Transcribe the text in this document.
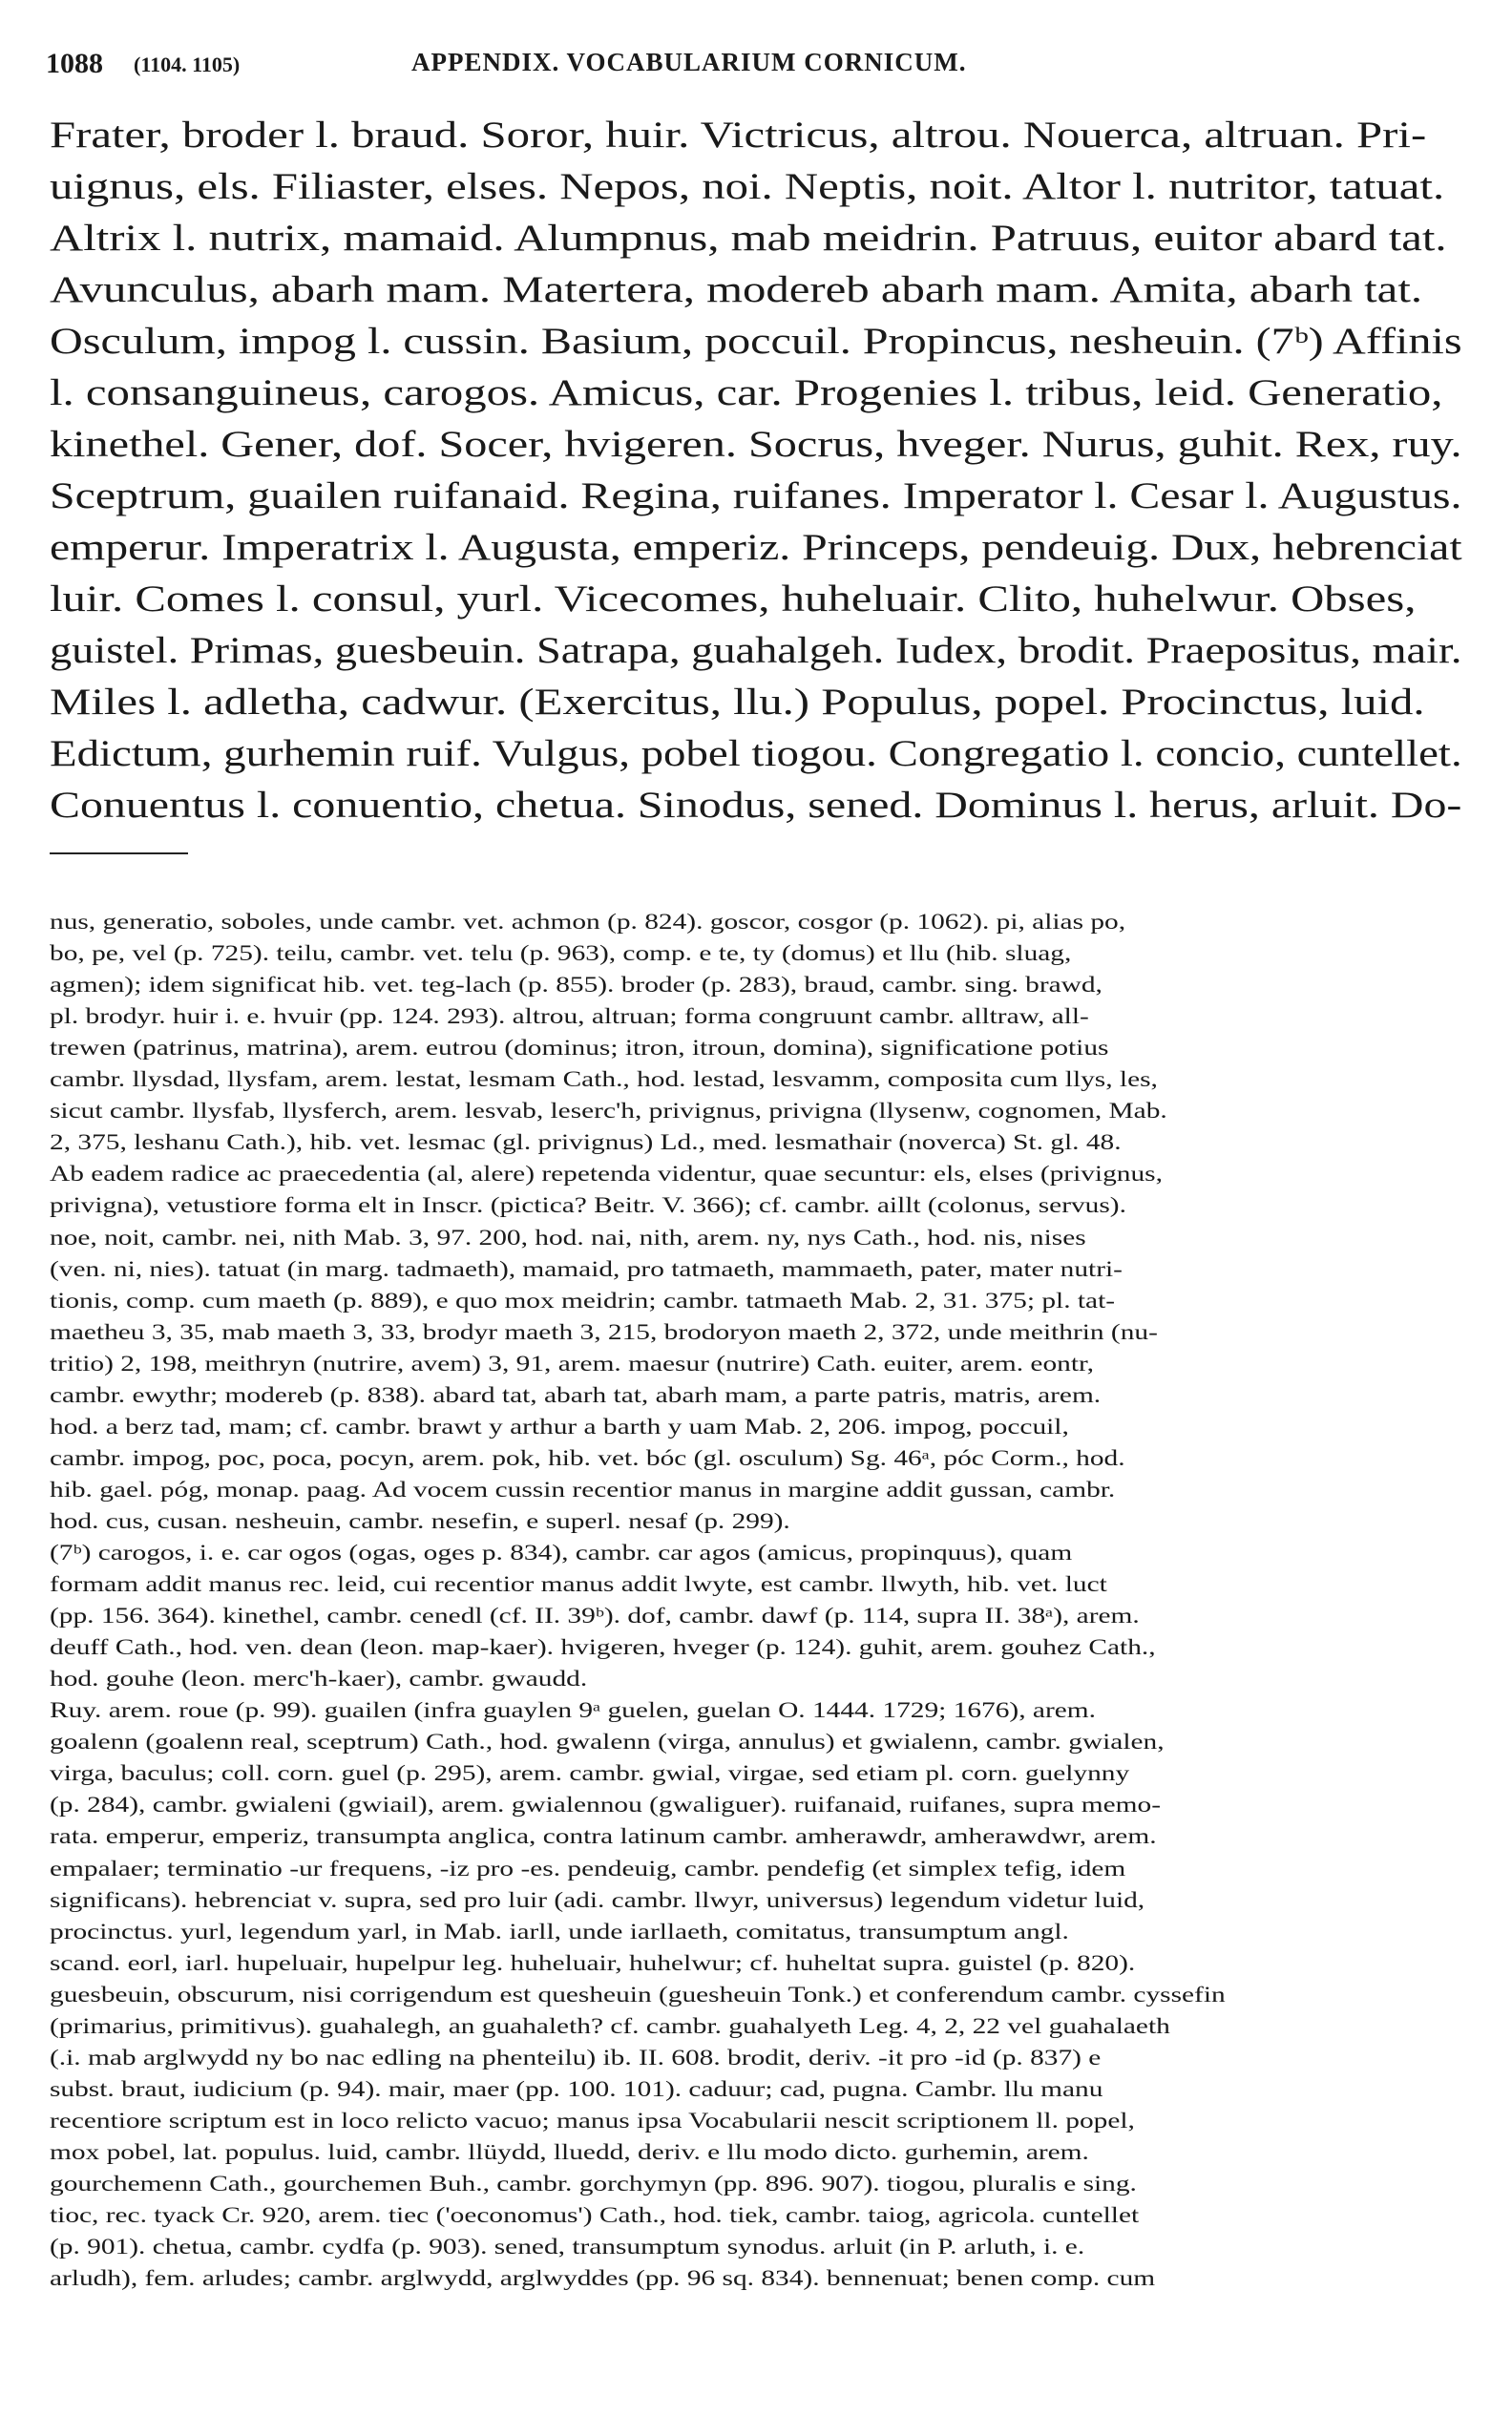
1088 (1104. 1105)	APPENDIX. VOCABULARIUM CORNICUM.
Frater, broder l. braud. Soror, huir. Victricus, altrou. Nouerca, altruan. Pri-
uignus, els. Filiaster, elses. Nepos, noi. Neptis, noit. Altor l. nutritor, tatuat.
Altrix l. nutrix, mamaid. Alumpnus, mab meidrin. Patruus, euitor abard tat.
Avunculus, abarh mam. Matertera, modereb abarh mam. Amita, abarh tat.
Osculum, impog l. cussin. Basium, poccuil. Propincus, nesheuin. (7ᵇ) Affinis
l. consanguineus, carogos. Amicus, car. Progenies l. tribus, leid. Generatio,
kinethel. Gener, dof. Socer, hvigeren. Socrus, hveger. Nurus, guhit. Rex, ruy.
Sceptrum, guailen ruifanaid. Regina, ruifanes. Imperator l. Cesar l. Augustus.
emperur. Imperatrix l. Augusta, emperiz. Princeps, pendeuig. Dux, hebrenciat
luir. Comes l. consul, yurl. Vicecomes, huheluair. Clito, huhelwur. Obses,
guistel. Primas, guesbeuin. Satrapa, guahalgeh. Iudex, brodit. Praepositus, mair.
Miles l. adletha, cadwur. (Exercitus, llu.) Populus, popel. Procinctus, luid.
Edictum, gurhemin ruif. Vulgus, pobel tiogou. Congregatio l. concio, cuntellet.
Conuentus l. conuentio, chetua. Sinodus, sened. Dominus l. herus, arluit. Do-
nus, generatio, soboles, unde cambr. vet. achmon (p. 824). goscor, cosgor (p. 1062). pi, alias po,
bo, pe, vel (p. 725). teilu, cambr. vet. telu (p. 963), comp. e te, ty (domus) et llu (hib. sluag,
agmen); idem significat hib. vet. teg-lach (p. 855). broder (p. 283), braud, cambr. sing. brawd,
pl. brodyr. huir i. e. hvuir (pp. 124. 293). altrou, altruan; forma congruunt cambr. alltraw, all-
trewen (patrinus, matrina), arem. eutrou (dominus; itron, itroun, domina), significatione potius
cambr. llysdad, llysfam, arem. lestat, lesmam Cath., hod. lestad, lesvamm, composita cum llys, les,
sicut cambr. llysfab, llysferch, arem. lesvab, leserc'h, privignus, privigna (llysenw, cognomen, Mab.
2, 375, leshanu Cath.), hib. vet. lesmac (gl. privignus) Ld., med. lesmathair (noverca) St. gl. 48.
Ab eadem radice ac praecedentia (al, alere) repetenda videntur, quae secuntur: els, elses (privignus,
privigna), vetustiore forma elt in Inscr. (pictica? Beitr. V. 366); cf. cambr. aillt (colonus, servus).
noe, noit, cambr. nei, nith Mab. 3, 97. 200, hod. nai, nith, arem. ny, nys Cath., hod. nis, nises
(ven. ni, nies). tatuat (in marg. tadmaeth), mamaid, pro tatmaeth, mammaeth, pater, mater nutri-
tionis, comp. cum maeth (p. 889), e quo mox meidrin; cambr. tatmaeth Mab. 2, 31. 375; pl. tat-
maetheu 3, 35, mab maeth 3, 33, brodyr maeth 3, 215, brodoryon maeth 2, 372, unde meithrin (nu-
tritio) 2, 198, meithryn (nutrire, avem) 3, 91, arem. maesur (nutrire) Cath. euiter, arem. eontr,
cambr. ewythr; modereb (p. 838). abard tat, abarh tat, abarh mam, a parte patris, matris, arem.
hod. a berz tad, mam; cf. cambr. brawt y arthur a barth y uam Mab. 2, 206. impog, poccuil,
cambr. impog, poc, poca, pocyn, arem. pok, hib. vet. bóc (gl. osculum) Sg. 46ᵃ, póc Corm., hod.
hib. gael. póg, monap. paag. Ad vocem cussin recentior manus in margine addit gussan, cambr.
hod. cus, cusan. nesheuin, cambr. nesefin, e superl. nesaf (p. 299).
(7ᵇ) carogos, i. e. car ogos (ogas, oges p. 834), cambr. car agos (amicus, propinquus), quam
formam addit manus rec. leid, cui recentior manus addit lwyte, est cambr. llwyth, hib. vet. luct
(pp. 156. 364). kinethel, cambr. cenedl (cf. II. 39ᵇ). dof, cambr. dawf (p. 114, supra II. 38ᵃ), arem.
deuff Cath., hod. ven. dean (leon. map-kaer). hvigeren, hveger (p. 124). guhit, arem. gouhez Cath.,
hod. gouhe (leon. merc'h-kaer), cambr. gwaudd.
Ruy. arem. roue (p. 99). guailen (infra guaylen 9ᵃ guelen, guelan O. 1444. 1729; 1676), arem.
goalenn (goalenn real, sceptrum) Cath., hod. gwalenn (virga, annulus) et gwialenn, cambr. gwialen,
virga, baculus; coll. corn. guel (p. 295), arem. cambr. gwial, virgae, sed etiam pl. corn. guelynny
(p. 284), cambr. gwialeni (gwiail), arem. gwialennou (gwaliguer). ruifanaid, ruifanes, supra memo-
rata. emperur, emperiz, transumpta anglica, contra latinum cambr. amherawdr, amherawdwr, arem.
empalaer; terminatio -ur frequens, -iz pro -es. pendeuig, cambr. pendefig (et simplex tefig, idem
significans). hebrenciat v. supra, sed pro luir (adi. cambr. llwyr, universus) legendum videtur luid,
procinctus. yurl, legendum yarl, in Mab. iarll, unde iarllaeth, comitatus, transumptum angl.
scand. eorl, iarl. hupeluair, hupelpur leg. huheluair, huhelwur; cf. huheltat supra. guistel (p. 820).
guesbeuin, obscurum, nisi corrigendum est quesheuin (guesheuin Tonk.) et conferendum cambr. cyssefin
(primarius, primitivus). guahalegh, an guahaleth? cf. cambr. guahalyeth Leg. 4, 2, 22 vel guahalaeth
(.i. mab arglwydd ny bo nac edling na phenteilu) ib. II. 608. brodit, deriv. -it pro -id (p. 837) e
subst. braut, iudicium (p. 94). mair, maer (pp. 100. 101). caduur; cad, pugna. Cambr. llu manu
recentiore scriptum est in loco relicto vacuo; manus ipsa Vocabularii nescit scriptionem ll. popel,
mox pobel, lat. populus. luid, cambr. llüydd, lluedd, deriv. e llu modo dicto. gurhemin, arem.
gourchemenn Cath., gourchemen Buh., cambr. gorchymyn (pp. 896. 907). tiogou, pluralis e sing.
tioc, rec. tyack Cr. 920, arem. tiec ('oeconomus') Cath., hod. tiek, cambr. taiog, agricola. cuntellet
(p. 901). chetua, cambr. cydfa (p. 903). sened, transumptum synodus. arluit (in P. arluth, i. e.
arludh), fem. arludes; cambr. arglwydd, arglwyddes (pp. 96 sq. 834). bennenuat; benen comp. cum
